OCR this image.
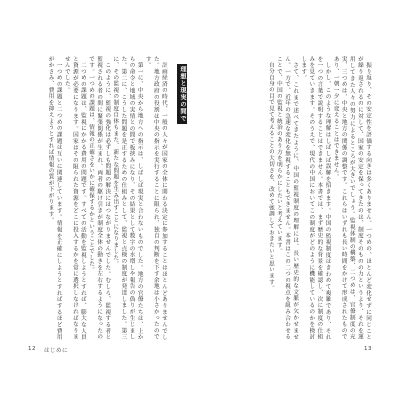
振り返り、その安定性を評価する向きは多くありません。一つめの、ほとんど変化せずに同じことが繰り返されるのに対して、国家の安定を保ってきたのは、制度そのものの力というより、それを運用してきた人々の努力によるところが大きいでしょう。監視体制の構築、二つめは、官僚制度の充実、三つめは、中央と地方の関係の調整です。これらはいずれも長い時間をかけて形成されたものであり、一朝一夕に変えることはできません。

しかし、このような理解はしばしば誤解を招きます。中国の監視制度はきわめて複雑であり、それを一つの言葉で説明することはできません。本書では、まず歴史的な背景を確認し、次に制度の仕組みを見ていきます。そのうえで、現代の中国においてこの制度がどのように機能しているのかを検討します。

さて、これまで述べてきたように、中国の監視制度の理解には、長い歴史的な文脈が欠かせません。一方で、近年の急速な変化を無視することもできません。本書はこの二つの視点を組み合わせることで、中国の監視と統治のあり方を明らかにしたいと考えています。

自分自身の目で見て考えることの大切さを、改めて強調しておきたいと思います。

理想と現実の間で

計画経済の時代、一般の人々が国家の全体に関わる決定に参加することはほとんどありませんでした。地方政府の役割は中央の指示を実行することに限られ、独自の判断を下す余地は小さかったのです。

第一に、中央から地方への指示は、しばしば現実と合わないものでした。地方の官僚たちは、上からの命令と地域の実情との間で板挟みになり、その結果として数字の水増しや報告の偽りが生じました。第二に、こうした問題を是正するための仕組みとして、監視と点検の制度が発達しました。第三に、その監視の制度自体もまた、新たな問題を生み出すことになりました。

このように、監視の強化は必ずしも問題の解決にはつながりませんでした。むしろ、監視する者と監視される者の間に緊張関係が生まれ、両者の駆け引きが制度全体の動きを左右するようになったのです。一つめの課題は、情報の正確さをいかに確保するかということでした。

二つめの課題は、監視にかかる費用の問題です。すべての活動を監視しようとすれば、膨大な人員と資源が必要になります。国家はその限られた資源をどこに投入するかを常に選択しなければなりませんでした。

一つめの課題と二つめの課題は互いに関連しています。情報を正確にしようとすればするほど費用がかさみ、費用を抑えようとすれば情報の質が下がります。

12 はじめに	13
